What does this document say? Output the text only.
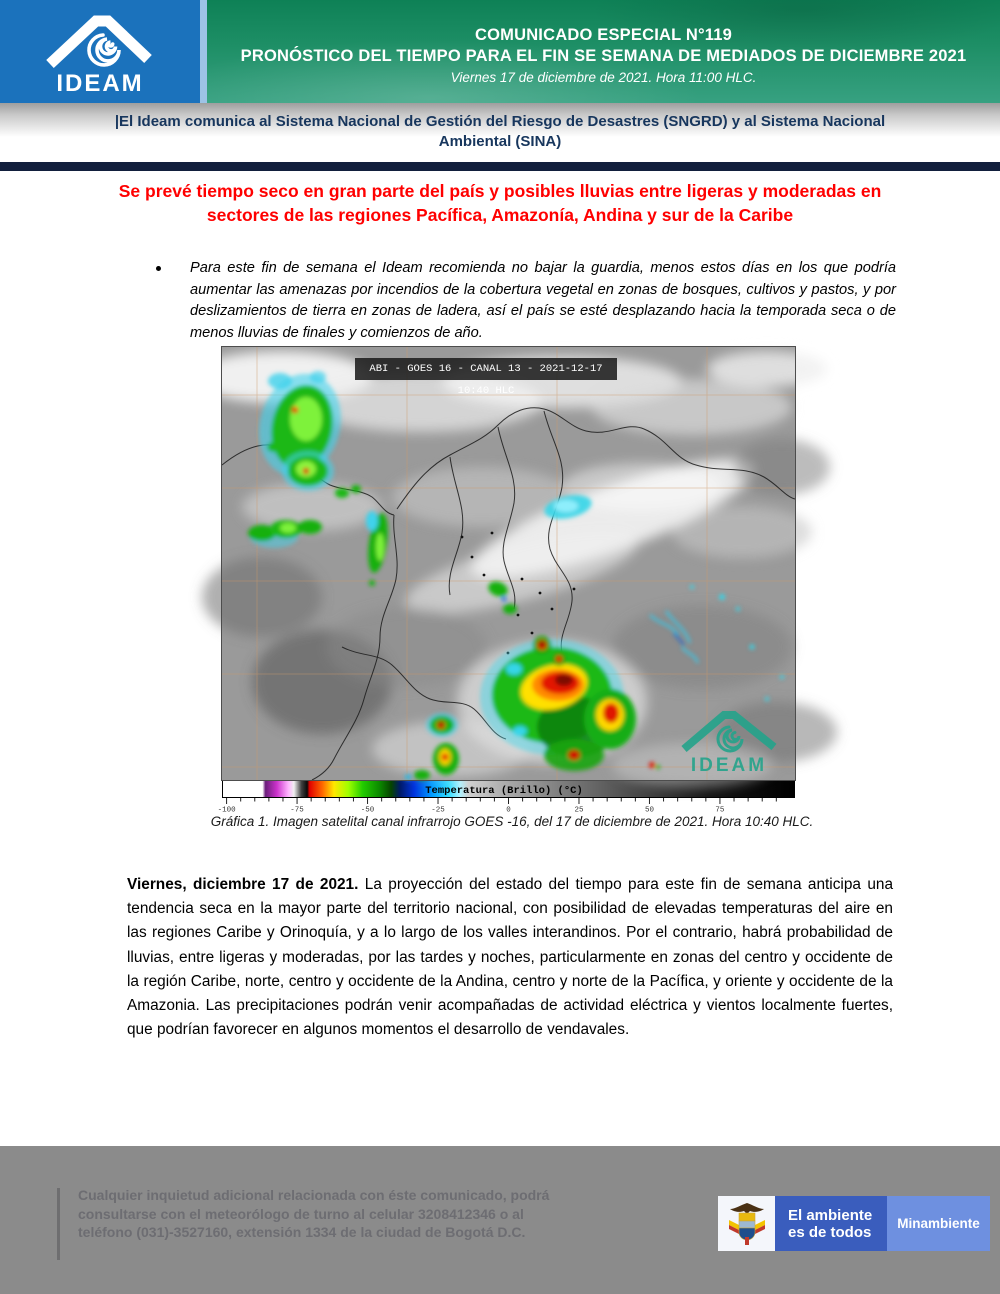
IDEAM
COMUNICADO ESPECIAL N°119
PRONÓSTICO DEL TIEMPO PARA EL FIN SE SEMANA DE MEDIADOS DE DICIEMBRE 2021
Viernes 17 de diciembre de 2021. Hora 11:00 HLC.
|El Ideam comunica al Sistema Nacional de Gestión del Riesgo de Desastres (SNGRD) y al Sistema Nacional Ambiental (SINA)
Se prevé tiempo seco en gran parte del país y posibles lluvias entre ligeras y moderadas en sectores de las regiones Pacífica, Amazonía, Andina y sur de la Caribe
Para este fin de semana el Ideam recomienda no bajar la guardia, menos estos días en los que podría aumentar las amenazas por incendios de la cobertura vegetal en zonas de bosques, cultivos y pastos, y por deslizamientos de tierra en zonas de ladera, así el país se esté desplazando hacia la temporada seca o de menos lluvias de finales y comienzos de año.
ABI - GOES 16 - CANAL 13 - 2021-12-17 10:40 HLC
IDEAM
Temperatura (Brillo) (°C)
-100	-75	-50	-25	0	25	50	75
Gráfica 1. Imagen satelital canal infrarrojo GOES -16, del 17 de diciembre de 2021. Hora 10:40 HLC.

Viernes, diciembre 17 de 2021. La proyección del estado del tiempo para este fin de semana anticipa una tendencia seca en la mayor parte del territorio nacional, con posibilidad de elevadas temperaturas del aire en las regiones Caribe y Orinoquía, y a lo largo de los valles interandinos. Por el contrario, habrá probabilidad de lluvias, entre ligeras y moderadas, por las tardes y noches, particularmente en zonas del centro y occidente de la región Caribe, norte, centro y occidente de la Andina, centro y norte de la Pacífica, y oriente y occidente de la Amazonia. Las precipitaciones podrán venir acompañadas de actividad eléctrica y vientos localmente fuertes, que podrían favorecer en algunos momentos el desarrollo de vendavales.

Cualquier inquietud adicional relacionada con éste comunicado, podrá consultarse con el meteorólogo de turno al celular 3208412346 o al teléfono (031)-3527160, extensión 1334 de la ciudad de Bogotá D.C.
El ambiente
es de todos	Minambiente
